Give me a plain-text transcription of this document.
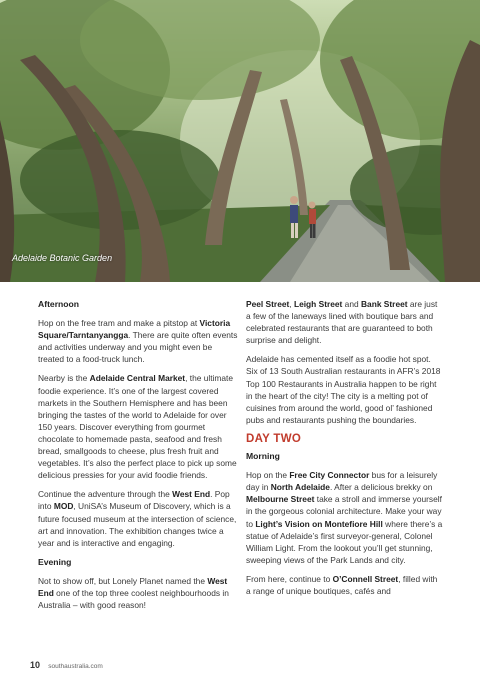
Adelaide Botanic Garden

Afternoon

Hop on the free tram and make a pitstop at Victoria Square/Tarntanyangga. There are quite often events and activities underway and you might even be treated to a food-truck lunch.

Nearby is the Adelaide Central Market, the ultimate foodie experience. It’s one of the largest covered markets in the Southern Hemisphere and has been bringing the tastes of the world to Adelaide for over 150 years. Discover everything from gourmet chocolate to homemade pasta, seafood and fresh bread, smallgoods to cheese, plus fresh fruit and vegetables. It’s also the perfect place to pick up some delicious pressies for your avid foodie friends.

Continue the adventure through the West End. Pop into MOD, UniSA’s Museum of Discovery, which is a future focused museum at the intersection of science, art and innovation. The exhibition changes twice a year and is interactive and engaging.

Evening

Not to show off, but Lonely Planet named the West End one of the top three coolest neighbourhoods in Australia – with good reason!

Peel Street, Leigh Street and Bank Street are just a few of the laneways lined with boutique bars and celebrated restaurants that are guaranteed to both surprise and delight.

Adelaide has cemented itself as a foodie hot spot. Six of 13 South Australian restaurants in AFR’s 2018 Top 100 Restaurants in Australia happen to be right in the heart of the city! The city is a melting pot of cuisines from around the world, good ol’ fashioned pubs and restaurants pushing the boundaries.

DAY TWO

Morning

Hop on the Free City Connector bus for a leisurely day in North Adelaide. After a delicious brekky on Melbourne Street take a stroll and immerse yourself in the gorgeous colonial architecture. Make your way to Light’s Vision on Montefiore Hill where there’s a statue of Adelaide’s first surveyor-general, Colonel William Light. From the lookout you’ll get stunning, sweeping views of the Park Lands and city.

From here, continue to O’Connell Street, filled with a range of unique boutiques, cafés and

10 southaustralia.com
